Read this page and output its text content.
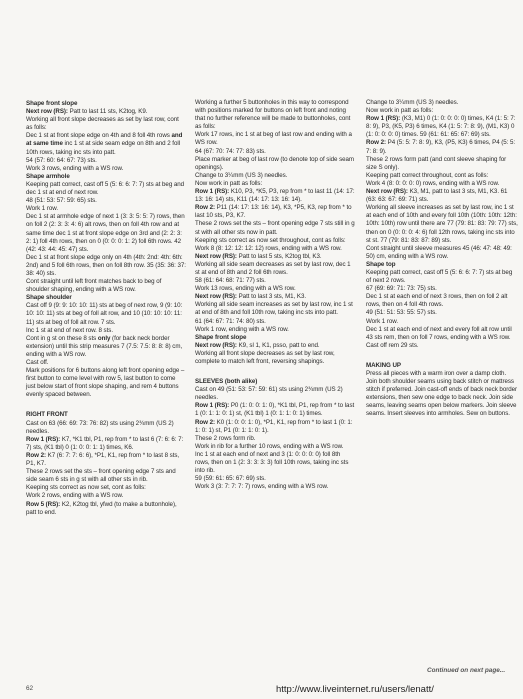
Shape front slope

Next row (RS): Patt to last 11 sts, K2tog, K9.

Working all front slope decreases as set by last row, cont as folls:

Dec 1 st at front slope edge on 4th and 8 foll 4th rows and at same time inc 1 st at side seam edge on 8th and 2 foll 10th rows, taking inc sts into patt.

54 (57: 60: 64: 67: 73) sts.

Work 3 rows, ending with a WS row.

Shape armhole

Keeping patt correct, cast off 5 (5: 6: 6: 7: 7) sts at beg and dec 1 st at end of next row.

48 (51: 53: 57: 59: 65) sts.

Work 1 row.

Dec 1 st at armhole edge of next 1 (3: 3: 5: 5: 7) rows, then on foll 2 (2: 3: 3: 4: 6) alt rows, then on foll 4th row and at same time dec 1 st at front slope edge on 3rd and (2: 2: 3: 2: 1) foll 4th rows, then on 0 (0: 0: 0: 1: 2) foll 6th rows. 42 (42: 43: 44: 45: 47) sts.

Dec 1 st at front slope edge only on 4th (4th: 2nd: 4th: 6th: 2nd) and 5 foll 6th rows, then on foll 8th row. 35 (35: 36: 37: 38: 40) sts.

Cont straight until left front matches back to beg of shoulder shaping, ending with a WS row.

Shape shoulder

Cast off 9 (9: 9: 10: 10: 11) sts at beg of next row, 9 (9: 10: 10: 10: 11) sts at beg of foll alt row, and 10 (10: 10: 10: 11: 11) sts at beg of foll alt row. 7 sts.

Inc 1 st at end of next row. 8 sts.

Cont in g st on these 8 sts only (for back neck border extension) until this strip measures 7 (7.5: 7.5: 8: 8: 8) cm, ending with a WS row.

Cast off.

Mark positions for 6 buttons along left front opening edge – first button to come level with row 5, last button to come just below start of front slope shaping, and rem 4 buttons evenly spaced between.

RIGHT FRONT

Cast on 63 (66: 69: 73: 76: 82) sts using 2¾mm (US 2) needles.

Row 1 (RS): K7, *K1 tbl, P1, rep from * to last 6 (7: 6: 6: 7: 7) sts, (K1 tbl) 0 (1: 0: 0: 1: 1) times, K6.

Row 2: K7 (6: 7: 7: 6: 6), *P1, K1, rep from * to last 8 sts, P1, K7.

These 2 rows set the sts – front opening edge 7 sts and side seam 6 sts in g st with all other sts in rib.

Keeping sts correct as now set, cont as folls:

Work 2 rows, ending with a WS row.

Row 5 (RS): K2, K2tog tbl, yfwd (to make a buttonhole), patt to end.

Working a further 5 buttonholes in this way to correspond with positions marked for buttons on left front and noting that no further reference will be made to buttonholes, cont as folls:

Work 17 rows, inc 1 st at beg of last row and ending with a WS row.

64 (67: 70: 74: 77: 83) sts.

Place marker at beg of last row (to denote top of side seam openings).

Change to 3¼mm (US 3) needles.

Now work in patt as folls:

Row 1 (RS): K10, P3, *K5, P3, rep from * to last 11 (14: 17: 13: 16: 14) sts, K11 (14: 17: 13: 16: 14).

Row 2: P11 (14: 17: 13: 16: 14), K3, *P5, K3, rep from * to last 10 sts, P3, K7.

These 2 rows set the sts – front opening edge 7 sts still in g st with all other sts now in patt.

Keeping sts correct as now set throughout, cont as folls:

Work 8 (8: 12: 12: 12: 12) rows, ending with a WS row.

Next row (RS): Patt to last 5 sts, K2tog tbl, K3.

Working all side seam decreases as set by last row, dec 1 st at end of 8th and 2 foll 6th rows.

58 (61: 64: 68: 71: 77) sts.

Work 13 rows, ending with a WS row.

Next row (RS): Patt to last 3 sts, M1, K3.

Working all side seam increases as set by last row, inc 1 st at end of 8th and foll 10th row, taking inc sts into patt.

61 (64: 67: 71: 74: 80) sts.

Work 1 row, ending with a WS row.

Shape front slope

Next row (RS): K9, sl 1, K1, psso, patt to end.

Working all front slope decreases as set by last row, complete to match left front, reversing shapings.

SLEEVES (both alike)

Cast on 49 (51: 53: 57: 59: 61) sts using 2¾mm (US 2) needles.

Row 1 (RS): P0 (1: 0: 0: 1: 0), *K1 tbl, P1, rep from * to last 1 (0: 1: 1: 0: 1) st, (K1 tbl) 1 (0: 1: 1: 0: 1) times.

Row 2: K0 (1: 0: 0: 1: 0), *P1, K1, rep from * to last 1 (0: 1: 1: 0: 1) st, P1 (0: 1: 1: 0: 1).

These 2 rows form rib.

Work in rib for a further 10 rows, ending with a WS row.

Inc 1 st at each end of next and 3 (1: 0: 0: 0: 0) foll 8th rows, then on 1 (2: 3: 3: 3: 3) foll 10th rows, taking inc sts into rib.

59 (59: 61: 65: 67: 69) sts.

Work 3 (3: 7: 7: 7: 7) rows, ending with a WS row.

Change to 3¼mm (US 3) needles.

Now work in patt as folls:

Row 1 (RS): (K3, M1) 0 (1: 0: 0: 0: 0) times, K4 (1: 5: 7: 8: 9), P3, (K5, P3) 6 times, K4 (1: 5: 7: 8: 9), (M1, K3) 0 (1: 0: 0: 0: 0) times. 59 (61: 61: 65: 67: 69) sts.

Row 2: P4 (5: 5: 7: 8: 9), K3, (P5, K3) 6 times, P4 (5: 5: 7: 8: 9).

These 2 rows form patt (and cont sleeve shaping for size S only).

Keeping patt correct throughout, cont as folls:

Work 4 (8: 0: 0: 0: 0) rows, ending with a WS row.

Next row (RS): K3, M1, patt to last 3 sts, M1, K3. 61 (63: 63: 67: 69: 71) sts.

Working all sleeve increases as set by last row, inc 1 st at each end of 10th and every foll 10th (10th: 10th: 12th: 10th: 10th) row until there are 77 (79: 81: 83: 79: 77) sts, then on 0 (0: 0: 0: 4: 6) foll 12th rows, taking inc sts into st st. 77 (79: 81: 83: 87: 89) sts.

Cont straight until sleeve measures 45 (46: 47: 48: 49: 50) cm, ending with a WS row.

Shape top

Keeping patt correct, cast off 5 (5: 6: 6: 7: 7) sts at beg of next 2 rows.

67 (69: 69: 71: 73: 75) sts.

Dec 1 st at each end of next 3 rows, then on foll 2 alt rows, then on 4 foll 4th rows.

49 (51: 51: 53: 55: 57) sts.

Work 1 row.

Dec 1 st at each end of next and every foll alt row until 43 sts rem, then on foll 7 rows, ending with a WS row.

Cast off rem 29 sts.

MAKING UP

Press all pieces with a warm iron over a damp cloth.

Join both shoulder seams using back stitch or mattress stitch if preferred. Join cast-off ends of back neck border extensions, then sew one edge to back neck. Join side seams, leaving seams open below markers. Join sleeve seams. Insert sleeves into armholes. Sew on buttons.

Continued on next page...
62	http://www.liveinternet.ru/users/lenatt/
